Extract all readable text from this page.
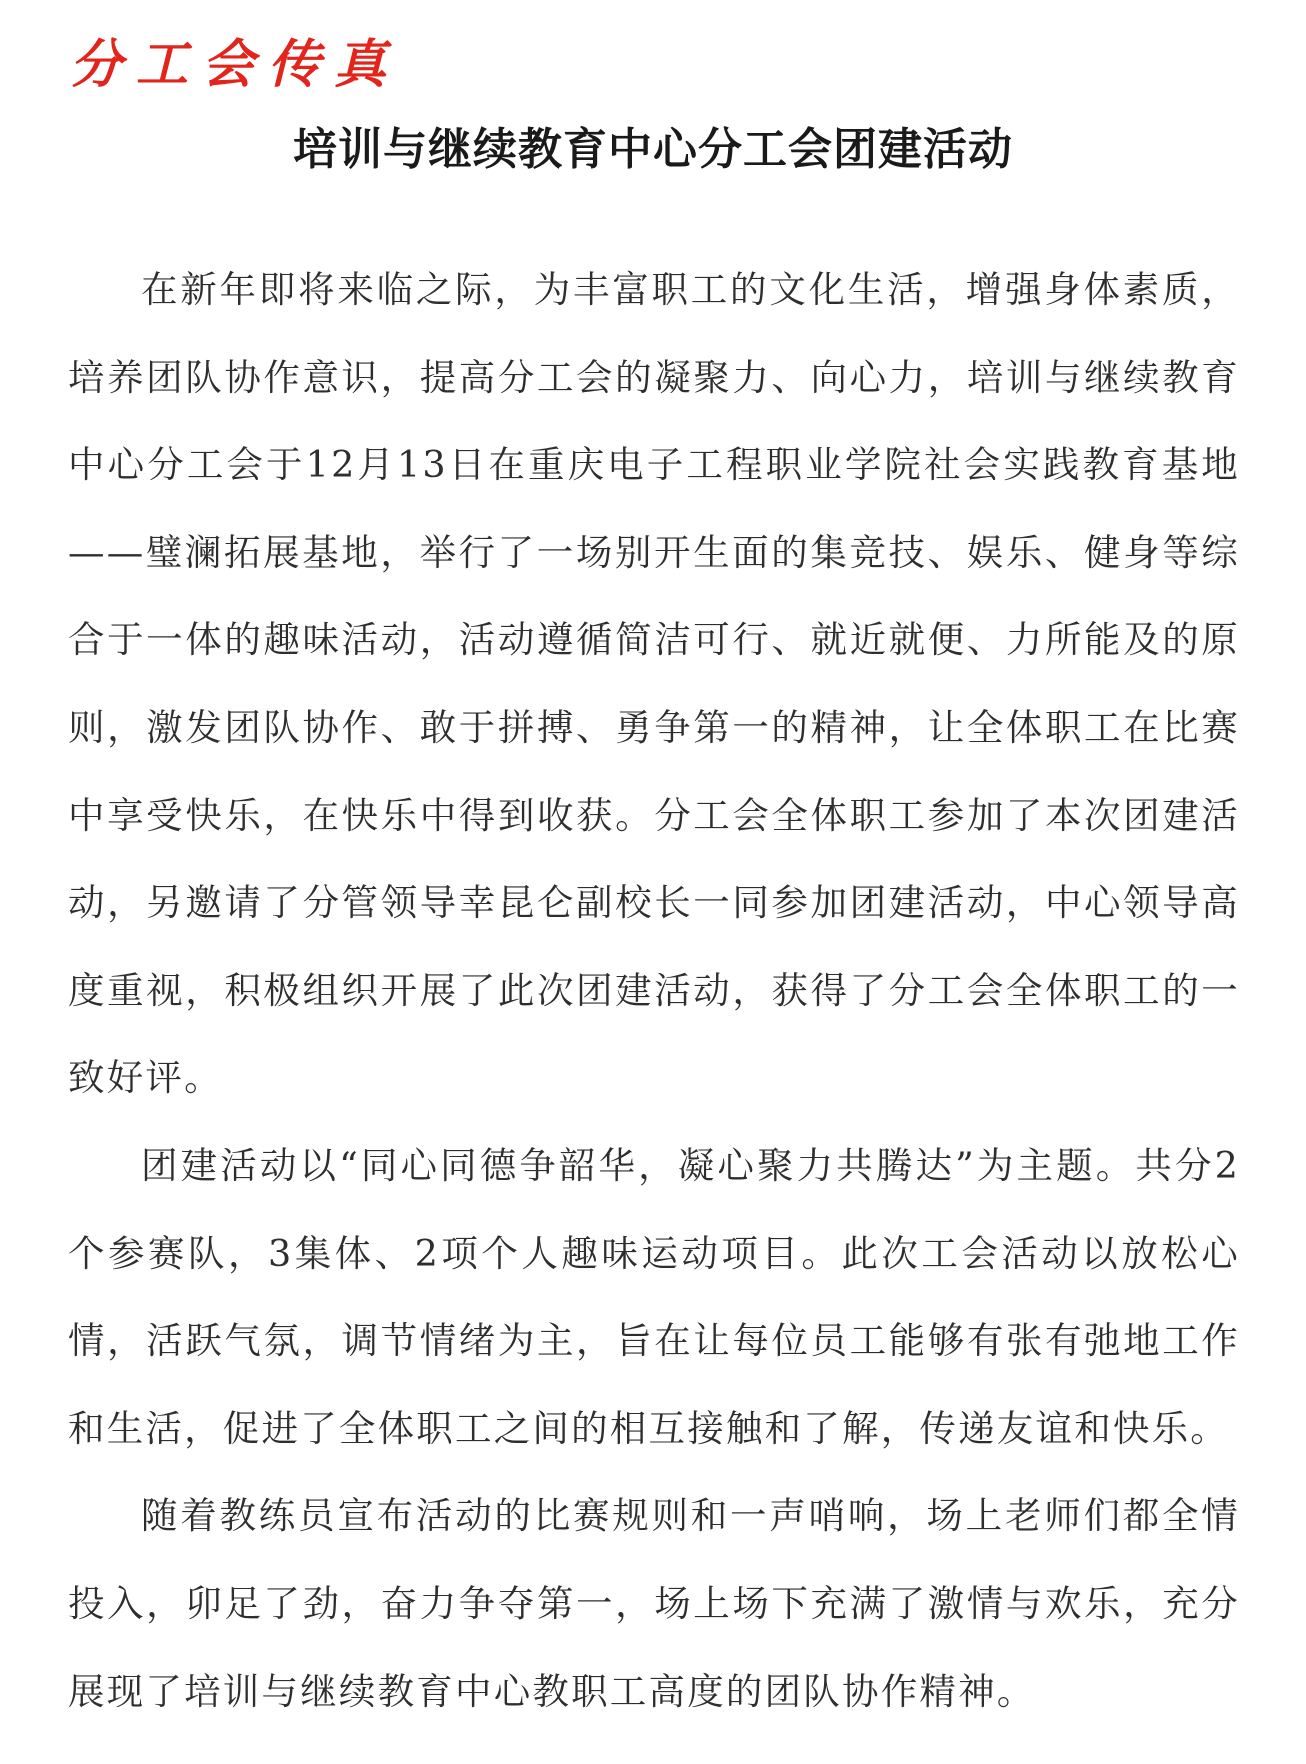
分工会传真
培训与继续教育中心分工会团建活动

在新年即将来临之际，为丰富职工的文化生活，增强身体素质，培养团队协作意识，提高分工会的凝聚力、向心力，培训与继续教育中心分工会于12月13日在重庆电子工程职业学院社会实践教育基地——璧澜拓展基地，举行了一场别开生面的集竞技、娱乐、健身等综合于一体的趣味活动，活动遵循简洁可行、就近就便、力所能及的原则，激发团队协作、敢于拼搏、勇争第一的精神，让全体职工在比赛中享受快乐，在快乐中得到收获。分工会全体职工参加了本次团建活动，另邀请了分管领导幸昆仑副校长一同参加团建活动，中心领导高度重视，积极组织开展了此次团建活动，获得了分工会全体职工的一致好评。

团建活动以“同心同德争韶华，凝心聚力共腾达”为主题。共分2个参赛队，3集体、2项个人趣味运动项目。此次工会活动以放松心情，活跃气氛，调节情绪为主，旨在让每位员工能够有张有弛地工作和生活，促进了全体职工之间的相互接触和了解，传递友谊和快乐。

随着教练员宣布活动的比赛规则和一声哨响，场上老师们都全情投入，卯足了劲，奋力争夺第一，场上场下充满了激情与欢乐，充分展现了培训与继续教育中心教职工高度的团队协作精神。
